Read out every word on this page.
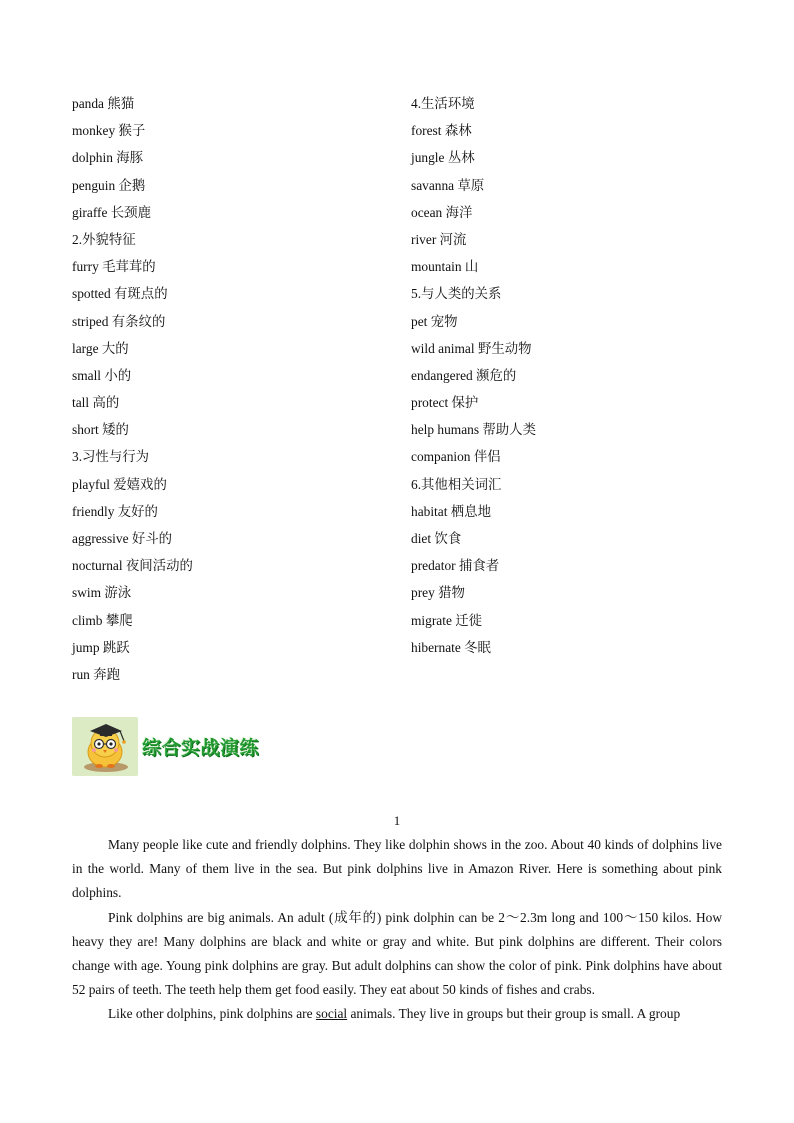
panda 熊猫
monkey 猴子
dolphin 海豚
penguin 企鹅
giraffe 长颈鹿
2.外貌特征
furry 毛茸茸的
spotted 有斑点的
striped 有条纹的
large 大的
small 小的
tall 高的
short 矮的
3.习性与行为
playful 爱嬉戏的
friendly 友好的
aggressive 好斗的
nocturnal 夜间活动的
swim 游泳
climb 攀爬
jump 跳跃
run 奔跑
4.生活环境
forest 森林
jungle 丛林
savanna 草原
ocean 海洋
river 河流
mountain 山
5.与人类的关系
pet 宠物
wild animal 野生动物
endangered 濒危的
protect 保护
help humans 帮助人类
companion 伴侣
6.其他相关词汇
habitat 栖息地
diet 饮食
predator 捕食者
prey 猎物
migrate 迁徙
hibernate 冬眠
综合实战演练
1

Many people like cute and friendly dolphins. They like dolphin shows in the zoo. About 40 kinds of dolphins live in the world. Many of them live in the sea. But pink dolphins live in Amazon River. Here is something about pink dolphins.

Pink dolphins are big animals. An adult (成年的) pink dolphin can be 2～2.3m long and 100～150 kilos. How heavy they are! Many dolphins are black and white or gray and white. But pink dolphins are different. Their colors change with age. Young pink dolphins are gray. But adult dolphins can show the color of pink. Pink dolphins have about 52 pairs of teeth. The teeth help them get food easily. They eat about 50 kinds of fishes and crabs.

Like other dolphins, pink dolphins are social animals. They live in groups but their group is small. A group
